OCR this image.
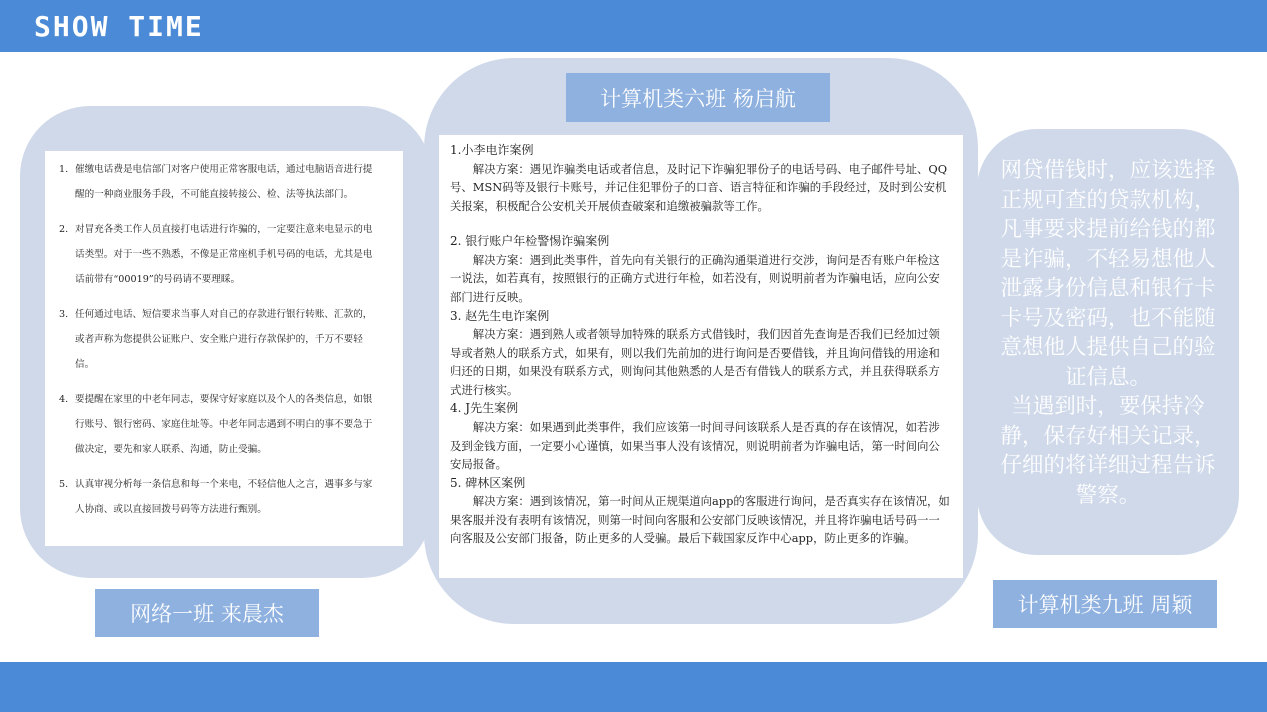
SHOW TIME
1. 催缴电话费是电信部门对客户使用正常客服电话，通过电脑语音进行提醒的一种商业服务手段，不可能直接转接公、检、法等执法部门。
2. 对冒充各类工作人员直接打电话进行诈骗的，一定要注意来电显示的电话类型。对于一些不熟悉，不像是正常座机手机号码的电话，尤其是电话前带有“00019”的号码请不要理睬。
3. 任何通过电话、短信要求当事人对自己的存款进行银行转账、汇款的，或者声称为您提供公证账户、安全账户进行存款保护的，千万不要轻信。
4. 要提醒在家里的中老年同志，要保守好家庭以及个人的各类信息，如银行账号、银行密码、家庭住址等。中老年同志遇到不明白的事不要急于做决定，要先和家人联系、沟通，防止受骗。
5. 认真审视分析每一条信息和每一个来电，不轻信他人之言，遇事多与家人协商、或以直接回拨号码等方法进行甄别。
1.小李电诈案例
解决方案：遇见诈骗类电话或者信息，及时记下诈骗犯罪份子的电话号码、电子邮件号址、QQ号、MSN码等及银行卡账号，并记住犯罪份子的口音、语言特征和诈骗的手段经过，及时到公安机关报案，积极配合公安机关开展侦查破案和追缴被骗款等工作。
2. 银行账户年检警惕诈骗案例
解决方案：遇到此类事件，首先向有关银行的正确沟通渠道进行交涉，询问是否有账户年检这一说法，如若真有，按照银行的正确方式进行年检，如若没有，则说明前者为诈骗电话，应向公安部门进行反映。
3. 赵先生电诈案例
解决方案：遇到熟人或者领导加特殊的联系方式借钱时，我们因首先查询是否我们已经加过领导或者熟人的联系方式，如果有，则以我们先前加的进行询问是否要借钱，并且询问借钱的用途和归还的日期，如果没有联系方式，则询问其他熟悉的人是否有借钱人的联系方式，并且获得联系方式进行核实。
4. J先生案例
解决方案：如果遇到此类事件，我们应该第一时间寻问该联系人是否真的存在该情况，如若涉及到金钱方面，一定要小心谨慎，如果当事人没有该情况，则说明前者为诈骗电话，第一时间向公安局报备。
5. 碑林区案例
解决方案：遇到该情况，第一时间从正规渠道向app的客服进行询问，是否真实存在该情况，如果客服并没有表明有该情况，则第一时间向客服和公安部门反映该情况，并且将诈骗电话号码一一向客服及公安部门报备，防止更多的人受骗。最后下载国家反诈中心app，防止更多的诈骗。

网贷借钱时，应该选择正规可查的贷款机构，凡事要求提前给钱的都是诈骗，不轻易想他人泄露身份信息和银行卡卡号及密码，也不能随意想他人提供自己的验证信息。

当遇到时，要保持冷静，保存好相关记录，仔细的将详细过程告诉警察。

计算机类六班 杨启航
网络一班 来晨杰	计算机类九班 周颖
